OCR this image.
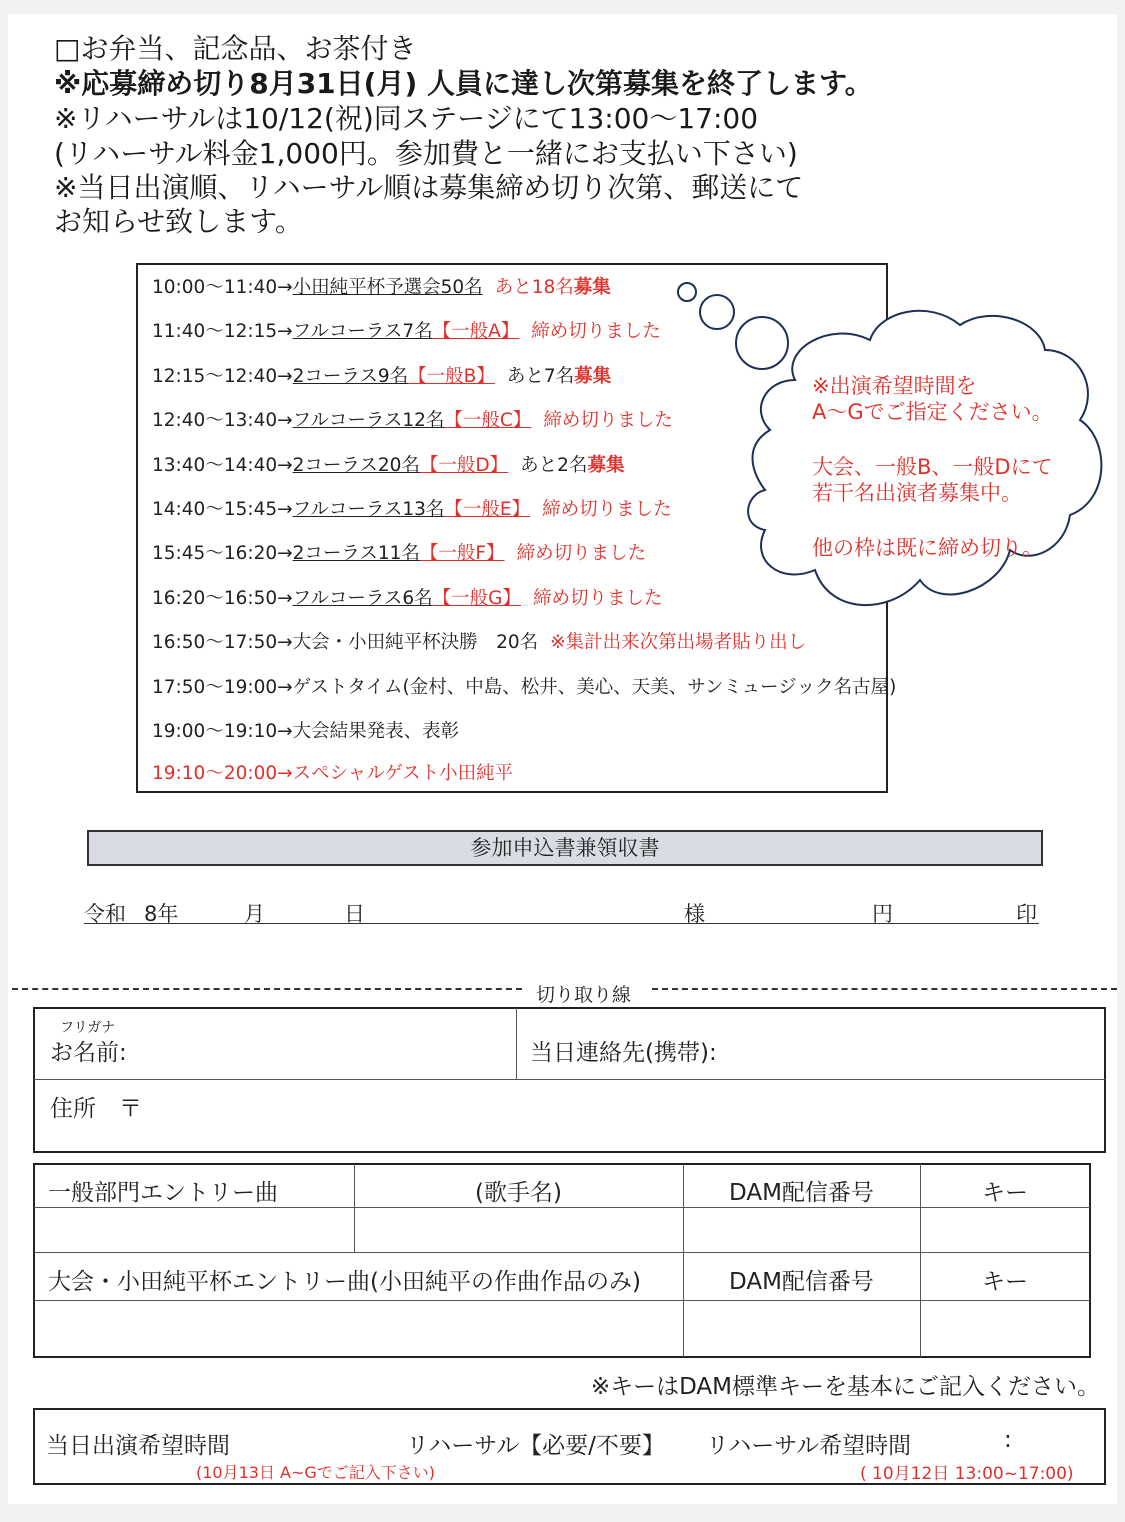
□お弁当、記念品、お茶付き
※応募締め切り8月31日(月) 人員に達し次第募集を終了します。
※リハーサルは10/12(祝)同ステージにて13:00〜17:00
(リハーサル料金1,000円。参加費と一緒にお支払い下さい)
※当日出演順、リハーサル順は募集締め切り次第、郵送にて
お知らせ致します。
10:00〜11:40→小田純平杯予選会50名 あと18名募集
11:40〜12:15→フルコーラス7名【一般A】 締め切りました
12:15〜12:40→2コーラス9名【一般B】 あと7名募集
12:40〜13:40→フルコーラス12名【一般C】 締め切りました
13:40〜14:40→2コーラス20名【一般D】 あと2名募集
14:40〜15:45→フルコーラス13名【一般E】 締め切りました
15:45〜16:20→2コーラス11名【一般F】 締め切りました
16:20〜16:50→フルコーラス6名【一般G】 締め切りました
16:50〜17:50→大会・小田純平杯決勝　20名 ※集計出来次第出場者貼り出し
17:50〜19:00→ゲストタイム(金村、中島、松井、美心、天美、サンミュージック名古屋)
19:00〜19:10→大会結果発表、表彰
19:10〜20:00→スペシャルゲスト小田純平
※出演希望時間を
A〜Gでご指定ください。
大会、一般B、一般Dにて
若干名出演者募集中。
他の枠は既に締め切り。
参加申込書兼領収書
令和 8年	月	日	様	円	印
切り取り線
フリガナ
お名前:	当日連絡先(携帯):
住所　〒
一般部門エントリー曲	(歌手名)	DAM配信番号	キー
大会・小田純平杯エントリー曲(小田純平の作曲作品のみ)	DAM配信番号	キー
※キーはDAM標準キーを基本にご記入ください。
当日出演希望時間
(10月13日 A~Gでご記入下さい)
リハーサル【必要/不要】 リハーサル希望時間	:
( 10月12日 13:00~17:00)
